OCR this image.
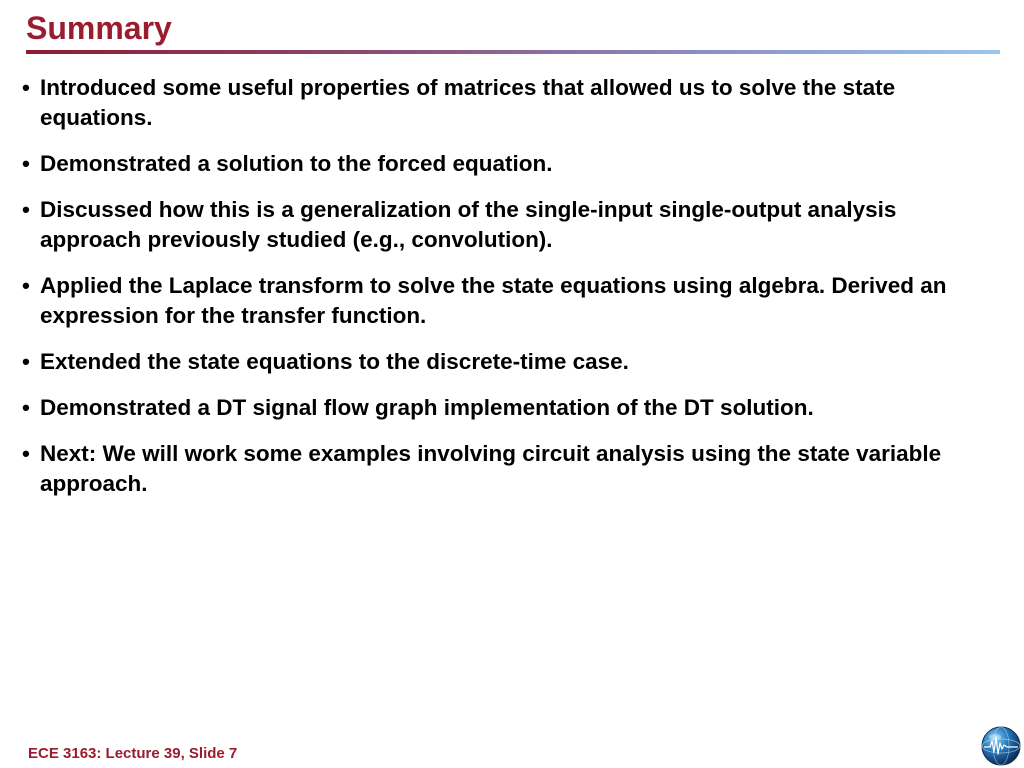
Summary
• Introduced some useful properties of matrices that allowed us to solve the state equations.
• Demonstrated a solution to the forced equation.
• Discussed how this is a generalization of the single-input single-output analysis approach previously studied (e.g., convolution).
• Applied the Laplace transform to solve the state equations using algebra. Derived an expression for the transfer function.
• Extended the state equations to the discrete-time case.
• Demonstrated a DT signal flow graph implementation of the DT solution.
• Next: We will work some examples involving circuit analysis using the state variable approach.
ECE 3163: Lecture 39, Slide 7
